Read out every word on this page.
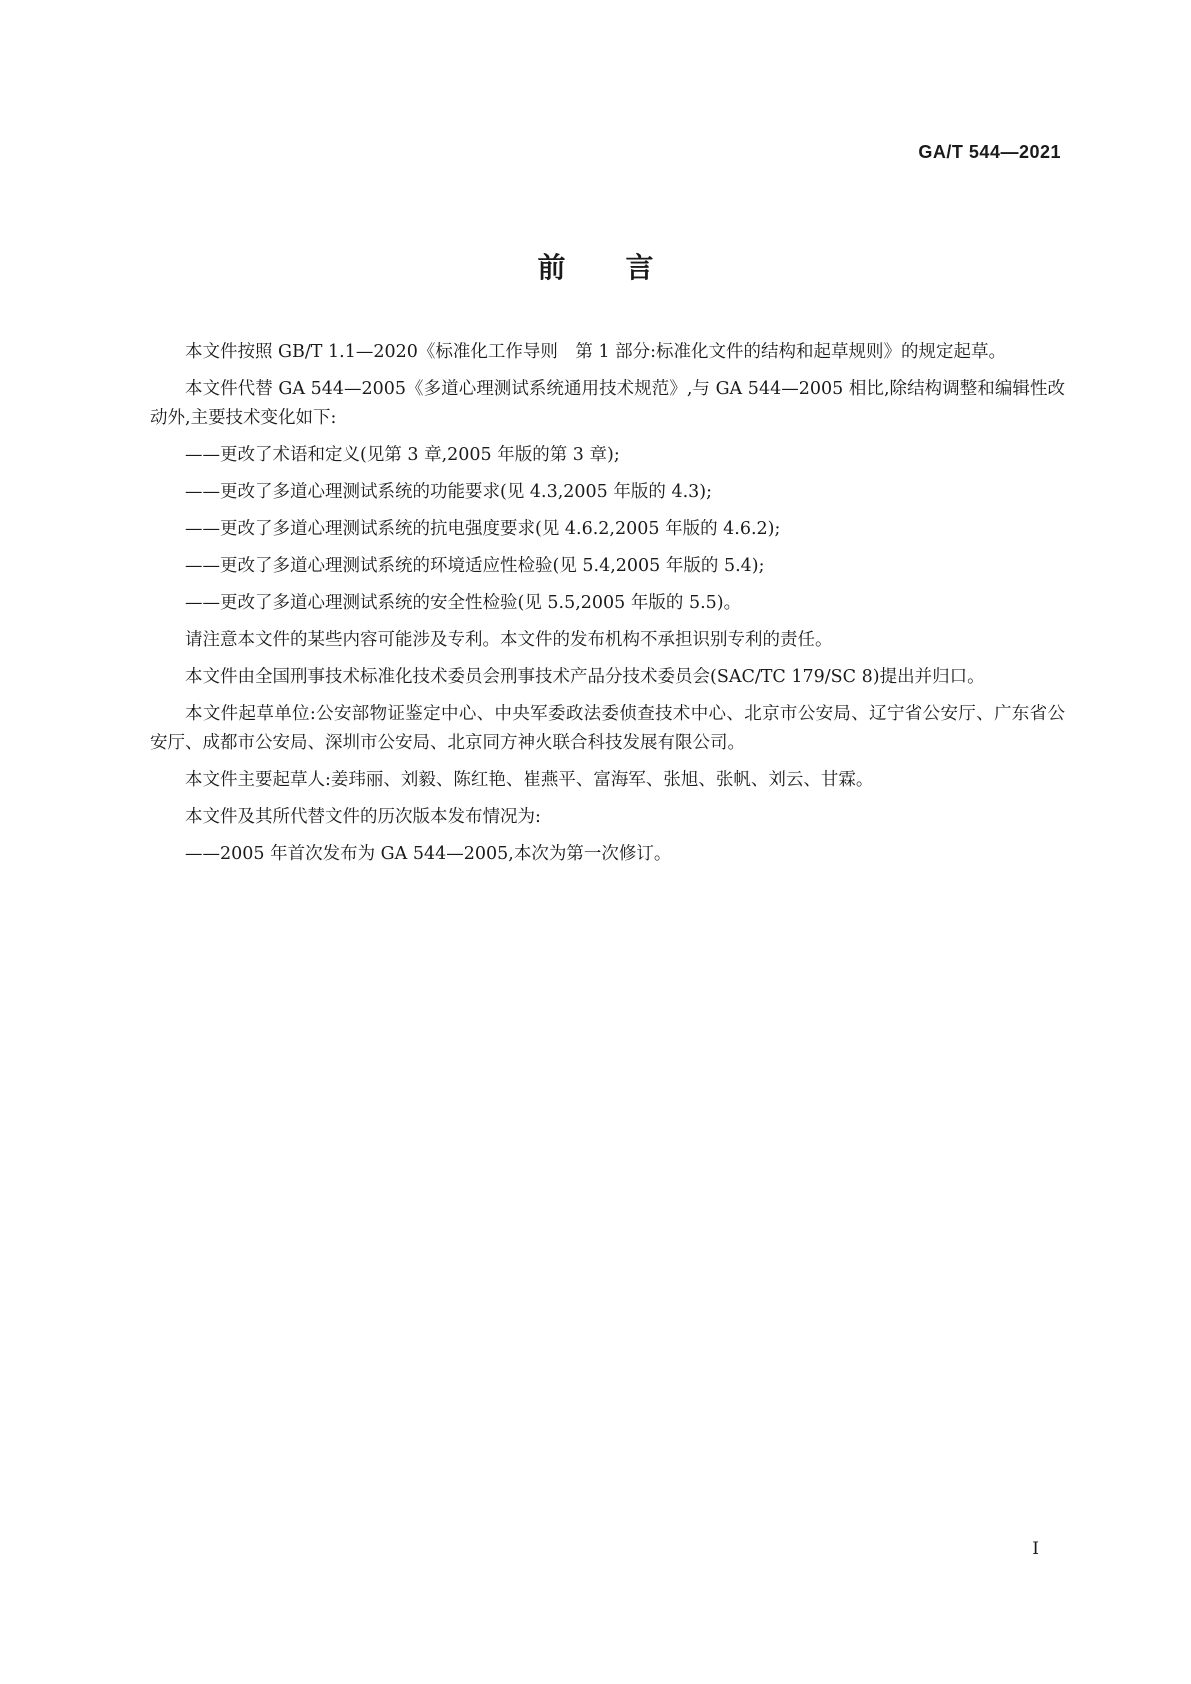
GA/T 544—2021
前言

本文件按照 GB/T 1.1—2020《标准化工作导则　第 1 部分:标准化文件的结构和起草规则》的规定起草。

本文件代替 GA 544—2005《多道心理测试系统通用技术规范》,与 GA 544—2005 相比,除结构调整和编辑性改动外,主要技术变化如下:

——更改了术语和定义(见第 3 章,2005 年版的第 3 章);

——更改了多道心理测试系统的功能要求(见 4.3,2005 年版的 4.3);

——更改了多道心理测试系统的抗电强度要求(见 4.6.2,2005 年版的 4.6.2);

——更改了多道心理测试系统的环境适应性检验(见 5.4,2005 年版的 5.4);

——更改了多道心理测试系统的安全性检验(见 5.5,2005 年版的 5.5)。

请注意本文件的某些内容可能涉及专利。本文件的发布机构不承担识别专利的责任。

本文件由全国刑事技术标准化技术委员会刑事技术产品分技术委员会(SAC/TC 179/SC 8)提出并归口。

本文件起草单位:公安部物证鉴定中心、中央军委政法委侦查技术中心、北京市公安局、辽宁省公安厅、广东省公安厅、成都市公安局、深圳市公安局、北京同方神火联合科技发展有限公司。

本文件主要起草人:姜玮丽、刘毅、陈红艳、崔燕平、富海军、张旭、张帆、刘云、甘霖。

本文件及其所代替文件的历次版本发布情况为:

——2005 年首次发布为 GA 544—2005,本次为第一次修订。

I
